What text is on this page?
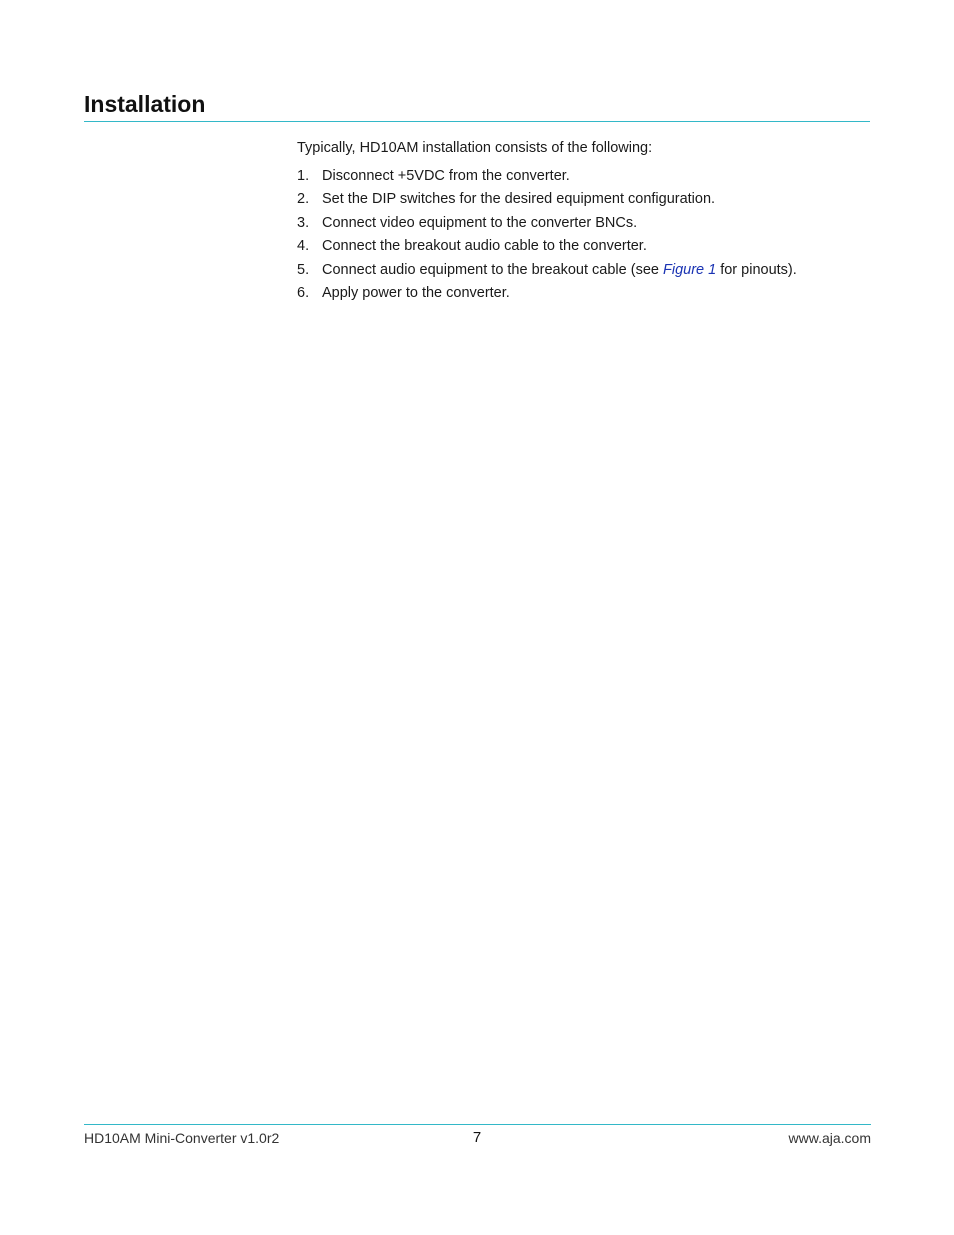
Installation

Typically, HD10AM installation consists of the following:

1. Disconnect +5VDC from the converter.
2. Set the DIP switches for the desired equipment configuration.
3. Connect video equipment to the converter BNCs.
4. Connect the breakout audio cable to the converter.
5. Connect audio equipment to the breakout cable (see Figure 1 for pinouts).
6. Apply power to the converter.
HD10AM Mini-Converter v1.0r2	7	www.aja.com
